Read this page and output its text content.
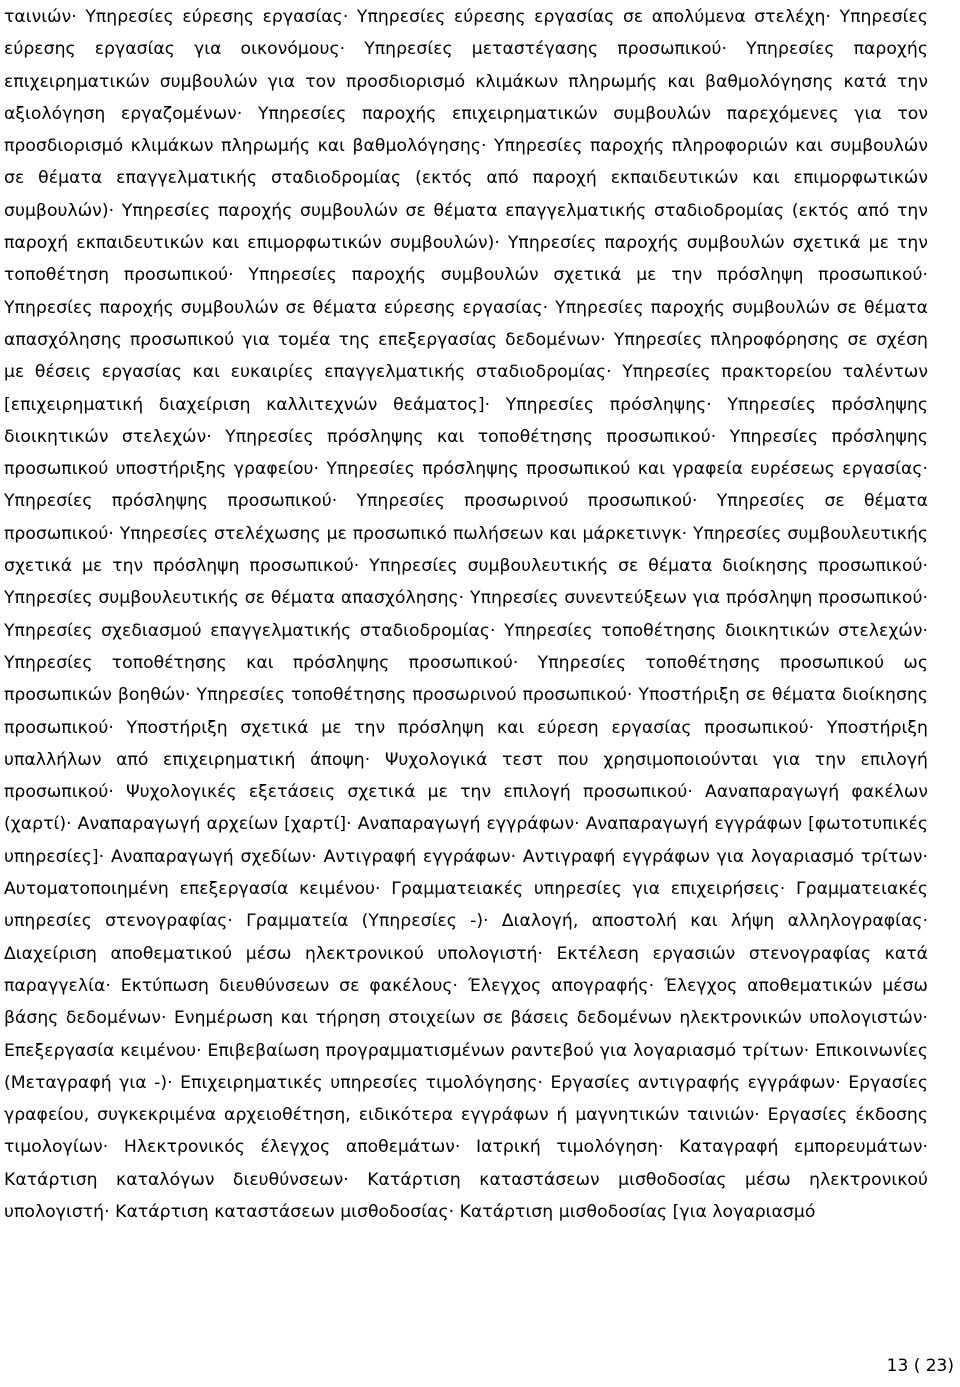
ταινιών· Υπηρεσίες εύρεσης εργασίας· Υπηρεσίες εύρεσης εργασίας σε απολύμενα στελέχη· Υπηρεσίες εύρεσης εργασίας για οικονόμους· Υπηρεσίες μεταστέγασης προσωπικού· Υπηρεσίες παροχής επιχειρηματικών συμβουλών για τον προσδιορισμό κλιμάκων πληρωμής και βαθμολόγησης κατά την αξιολόγηση εργαζομένων· Υπηρεσίες παροχής επιχειρηματικών συμβουλών παρεχόμενες για τον προσδιορισμό κλιμάκων πληρωμής και βαθμολόγησης· Υπηρεσίες παροχής πληροφοριών και συμβουλών σε θέματα επαγγελματικής σταδιοδρομίας (εκτός από παροχή εκπαιδευτικών και επιμορφωτικών συμβουλών)· Υπηρεσίες παροχής συμβουλών σε θέματα επαγγελματικής σταδιοδρομίας (εκτός από την παροχή εκπαιδευτικών και επιμορφωτικών συμβουλών)· Υπηρεσίες παροχής συμβουλών σχετικά με την τοποθέτηση προσωπικού· Υπηρεσίες παροχής συμβουλών σχετικά με την πρόσληψη προσωπικού· Υπηρεσίες παροχής συμβουλών σε θέματα εύρεσης εργασίας· Υπηρεσίες παροχής συμβουλών σε θέματα απασχόλησης προσωπικού για τομέα της επεξεργασίας δεδομένων· Υπηρεσίες πληροφόρησης σε σχέση με θέσεις εργασίας και ευκαιρίες επαγγελματικής σταδιοδρομίας· Υπηρεσίες πρακτορείου ταλέντων [επιχειρηματική διαχείριση καλλιτεχνών θεάματος]· Υπηρεσίες πρόσληψης· Υπηρεσίες πρόσληψης διοικητικών στελεχών· Υπηρεσίες πρόσληψης και τοποθέτησης προσωπικού· Υπηρεσίες πρόσληψης προσωπικού υποστήριξης γραφείου· Υπηρεσίες πρόσληψης προσωπικού και γραφεία ευρέσεως εργασίας· Υπηρεσίες πρόσληψης προσωπικού· Υπηρεσίες προσωρινού προσωπικού· Υπηρεσίες σε θέματα προσωπικού· Υπηρεσίες στελέχωσης με προσωπικό πωλήσεων και μάρκετινγκ· Υπηρεσίες συμβουλευτικής σχετικά με την πρόσληψη προσωπικού· Υπηρεσίες συμβουλευτικής σε θέματα διοίκησης προσωπικού· Υπηρεσίες συμβουλευτικής σε θέματα απασχόλησης· Υπηρεσίες συνεντεύξεων για πρόσληψη προσωπικού· Υπηρεσίες σχεδιασμού επαγγελματικής σταδιοδρομίας· Υπηρεσίες τοποθέτησης διοικητικών στελεχών· Υπηρεσίες τοποθέτησης και πρόσληψης προσωπικού· Υπηρεσίες τοποθέτησης προσωπικού ως προσωπικών βοηθών· Υπηρεσίες τοποθέτησης προσωρινού προσωπικού· Υποστήριξη σε θέματα διοίκησης προσωπικού· Υποστήριξη σχετικά με την πρόσληψη και εύρεση εργασίας προσωπικού· Υποστήριξη υπαλλήλων από επιχειρηματική άποψη· Ψυχολογικά τεστ που χρησιμοποιούνται για την επιλογή προσωπικού· Ψυχολογικές εξετάσεις σχετικά με την επιλογή προσωπικού· Ααναπαραγωγή φακέλων (χαρτί)· Αναπαραγωγή αρχείων [χαρτί]· Αναπαραγωγή εγγράφων· Αναπαραγωγή εγγράφων [φωτοτυπικές υπηρεσίες]· Αναπαραγωγή σχεδίων· Αντιγραφή εγγράφων· Αντιγραφή εγγράφων για λογαριασμό τρίτων· Αυτοματοποιημένη επεξεργασία κειμένου· Γραμματειακές υπηρεσίες για επιχειρήσεις· Γραμματειακές υπηρεσίες στενογραφίας· Γραμματεία (Υπηρεσίες -)· Διαλογή, αποστολή και λήψη αλληλογραφίας· Διαχείριση αποθεματικού μέσω ηλεκτρονικού υπολογιστή· Εκτέλεση εργασιών στενογραφίας κατά παραγγελία· Εκτύπωση διευθύνσεων σε φακέλους· Έλεγχος απογραφής· Έλεγχος αποθεματικών μέσω βάσης δεδομένων· Ενημέρωση και τήρηση στοιχείων σε βάσεις δεδομένων ηλεκτρονικών υπολογιστών· Επεξεργασία κειμένου· Επιβεβαίωση προγραμματισμένων ραντεβού για λογαριασμό τρίτων· Επικοινωνίες (Μεταγραφή για -)· Επιχειρηματικές υπηρεσίες τιμολόγησης· Εργασίες αντιγραφής εγγράφων· Εργασίες γραφείου, συγκεκριμένα αρχειοθέτηση, ειδικότερα εγγράφων ή μαγνητικών ταινιών· Εργασίες έκδοσης τιμολογίων· Ηλεκτρονικός έλεγχος αποθεμάτων· Ιατρική τιμολόγηση· Καταγραφή εμπορευμάτων· Κατάρτιση καταλόγων διευθύνσεων· Κατάρτιση καταστάσεων μισθοδοσίας μέσω ηλεκτρονικού υπολογιστή· Κατάρτιση καταστάσεων μισθοδοσίας· Κατάρτιση μισθοδοσίας [για λογαριασμό

13 ( 23)
